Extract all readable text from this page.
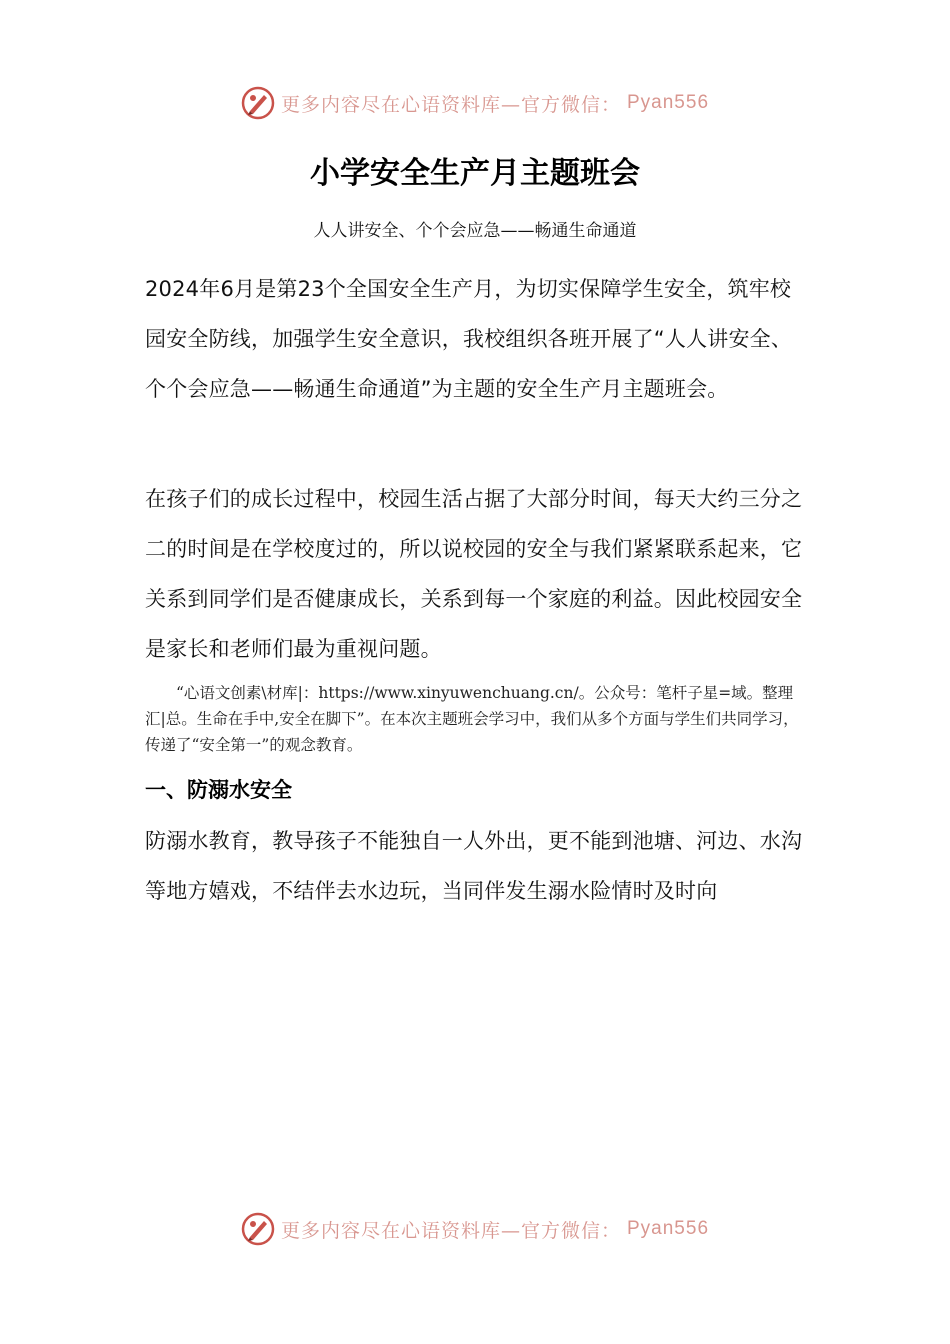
更多内容尽在心语资料库—官方微信： Pyan556
小学安全生产月主题班会

人人讲安全、个个会应急——畅通生命通道

2024年6月是第23个全国安全生产月，为切实保障学生安全，筑牢校园安全防线，加强学生安全意识，我校组织各班开展了“人人讲安全、个个会应急——畅通生命通道”为主题的安全生产月主题班会。

在孩子们的成长过程中，校园生活占据了大部分时间，每天大约三分之二的时间是在学校度过的，所以说校园的安全与我们紧紧联系起来，它关系到同学们是否健康成长，关系到每一个家庭的利益。因此校园安全是家长和老师们最为重视问题。

“心语文创素\材库|：https://www.xinyuwenchuang.cn/。公众号：笔杆子星=域。整理汇|总。生命在手中,安全在脚下”。在本次主题班会学习中，我们从多个方面与学生们共同学习，传递了“安全第一”的观念教育。

一、防溺水安全

防溺水教育，教导孩子不能独自一人外出，更不能到池塘、河边、水沟等地方嬉戏，不结伴去水边玩，当同伴发生溺水险情时及时向

更多内容尽在心语资料库—官方微信： Pyan556
